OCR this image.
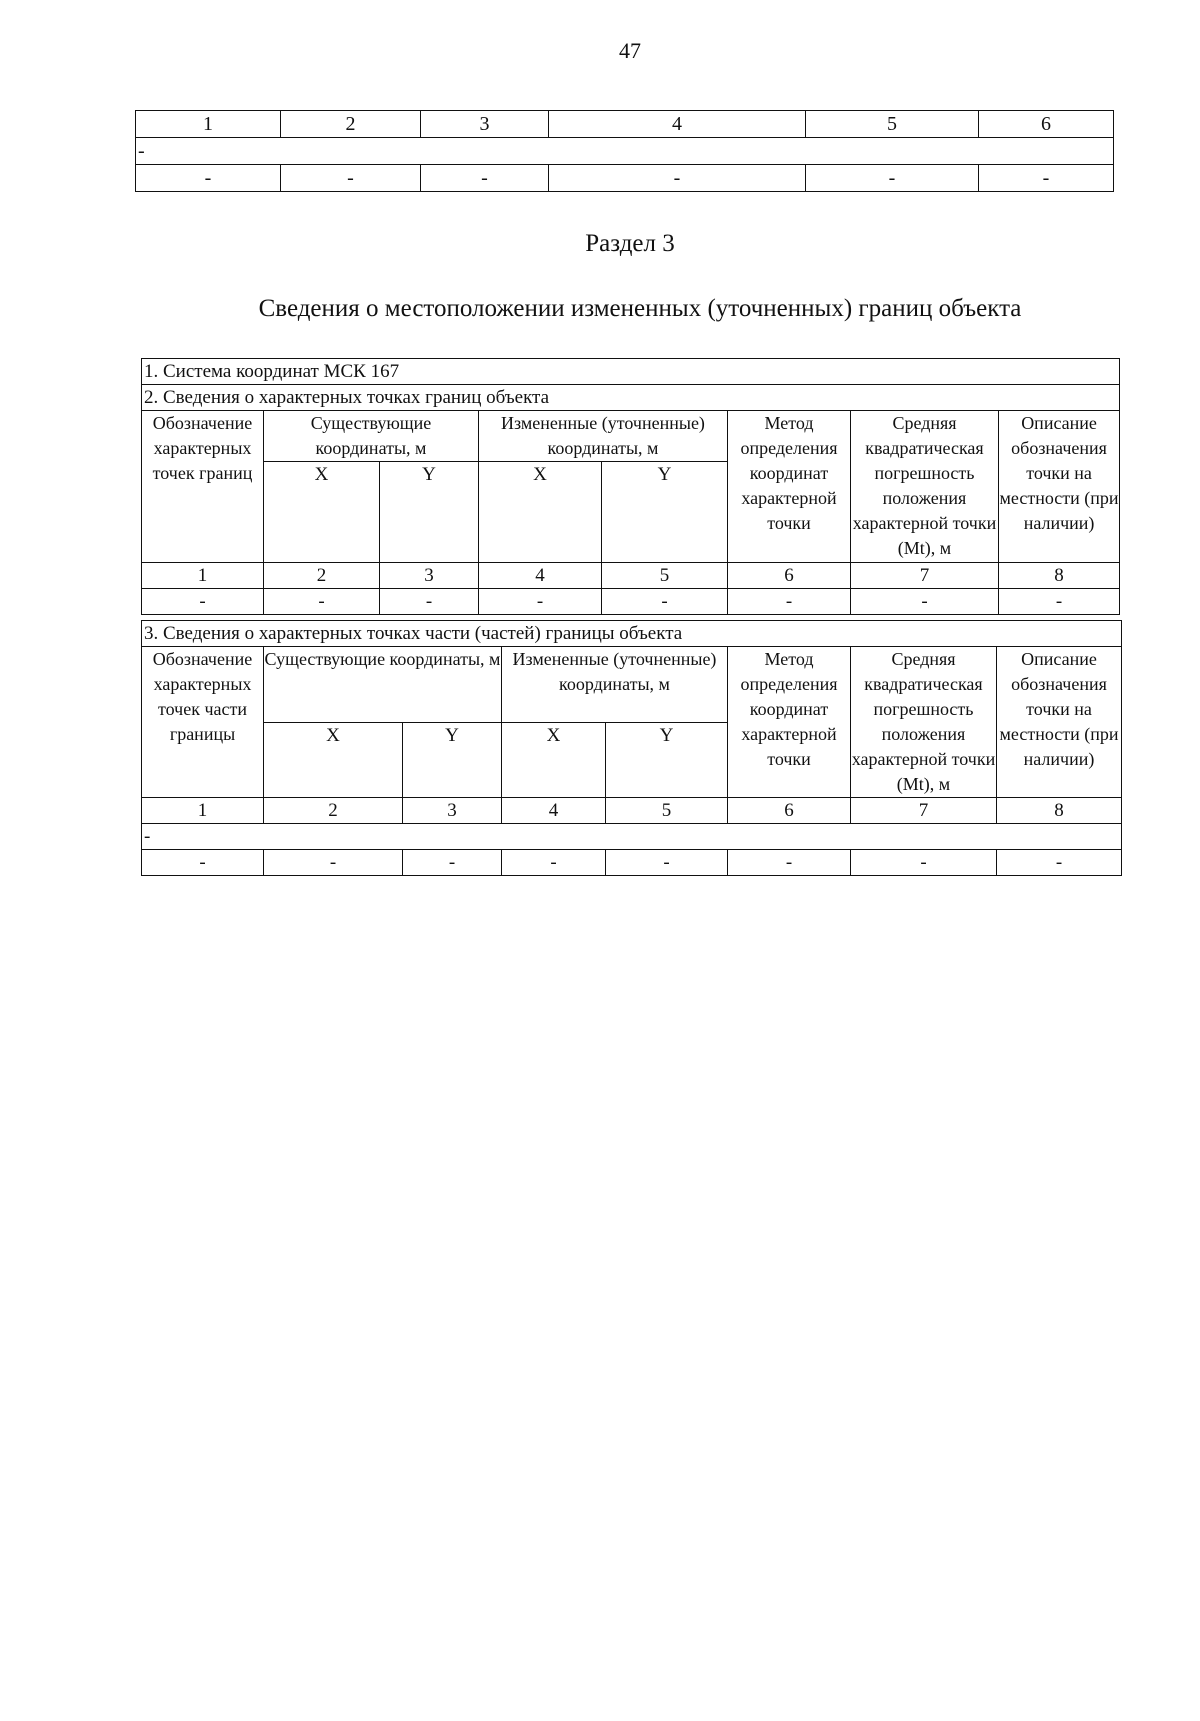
47
1	2	3	4	5	6
-					
-	-	-	-	-	-
Раздел 3
Сведения о местоположении измененных (уточненных) границ объекта
1. Система координат МСК 167							
2. Сведения о характерных точках границ объекта							
Обозначение характерных точек границ	Существующие координаты, м		Измененные (уточненные) координаты, м		Метод определения координат характерной точки	Средняя квадратическая погрешность положения характерной точки (Mt), м	Описание обозначения точки на местности (при наличии)
	X	Y	X	Y			
1	2	3	4	5	6	7	8
-	-	-	-	-	-	-	-
3. Сведения о характерных точках части (частей) границы объекта							
Обозначение характерных точек части границы	Существующие координаты, м		Измененные (уточненные) координаты, м		Метод определения координат характерной точки	Средняя квадратическая погрешность положения характерной точки (Mt), м	Описание обозначения точки на местности (при наличии)
	X	Y	X	Y			
1	2	3	4	5	6	7	8
-							
-	-	-	-	-	-	-	-
